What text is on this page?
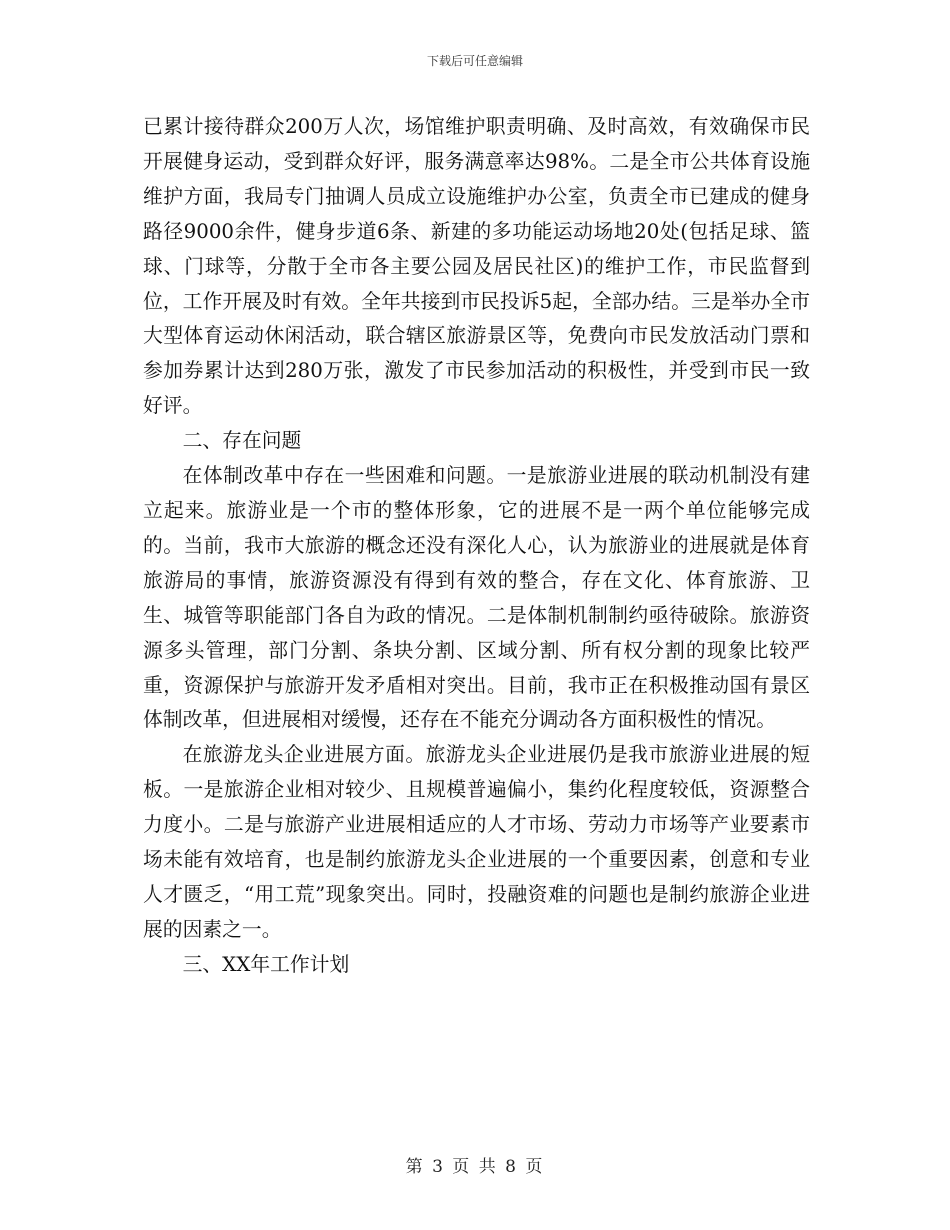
下载后可任意编辑

已累计接待群众200万人次，场馆维护职责明确、及时高效，有效确保市民开展健身运动，受到群众好评，服务满意率达98%。二是全市公共体育设施维护方面，我局专门抽调人员成立设施维护办公室，负责全市已建成的健身路径9000余件，健身步道6条、新建的多功能运动场地20处(包括足球、篮球、门球等，分散于全市各主要公园及居民社区)的维护工作，市民监督到位，工作开展及时有效。全年共接到市民投诉5起，全部办结。三是举办全市大型体育运动休闲活动，联合辖区旅游景区等，免费向市民发放活动门票和参加券累计达到280万张，激发了市民参加活动的积极性，并受到市民一致好评。

二、存在问题

在体制改革中存在一些困难和问题。一是旅游业进展的联动机制没有建立起来。旅游业是一个市的整体形象，它的进展不是一两个单位能够完成的。当前，我市大旅游的概念还没有深化人心，认为旅游业的进展就是体育旅游局的事情，旅游资源没有得到有效的整合，存在文化、体育旅游、卫生、城管等职能部门各自为政的情况。二是体制机制制约亟待破除。旅游资源多头管理，部门分割、条块分割、区域分割、所有权分割的现象比较严重，资源保护与旅游开发矛盾相对突出。目前，我市正在积极推动国有景区体制改革，但进展相对缓慢，还存在不能充分调动各方面积极性的情况。

在旅游龙头企业进展方面。旅游龙头企业进展仍是我市旅游业进展的短板。一是旅游企业相对较少、且规模普遍偏小，集约化程度较低，资源整合力度小。二是与旅游产业进展相适应的人才市场、劳动力市场等产业要素市场未能有效培育，也是制约旅游龙头企业进展的一个重要因素，创意和专业人才匮乏，“用工荒”现象突出。同时，投融资难的问题也是制约旅游企业进展的因素之一。

三、XX年工作计划

第 3 页 共 8 页
